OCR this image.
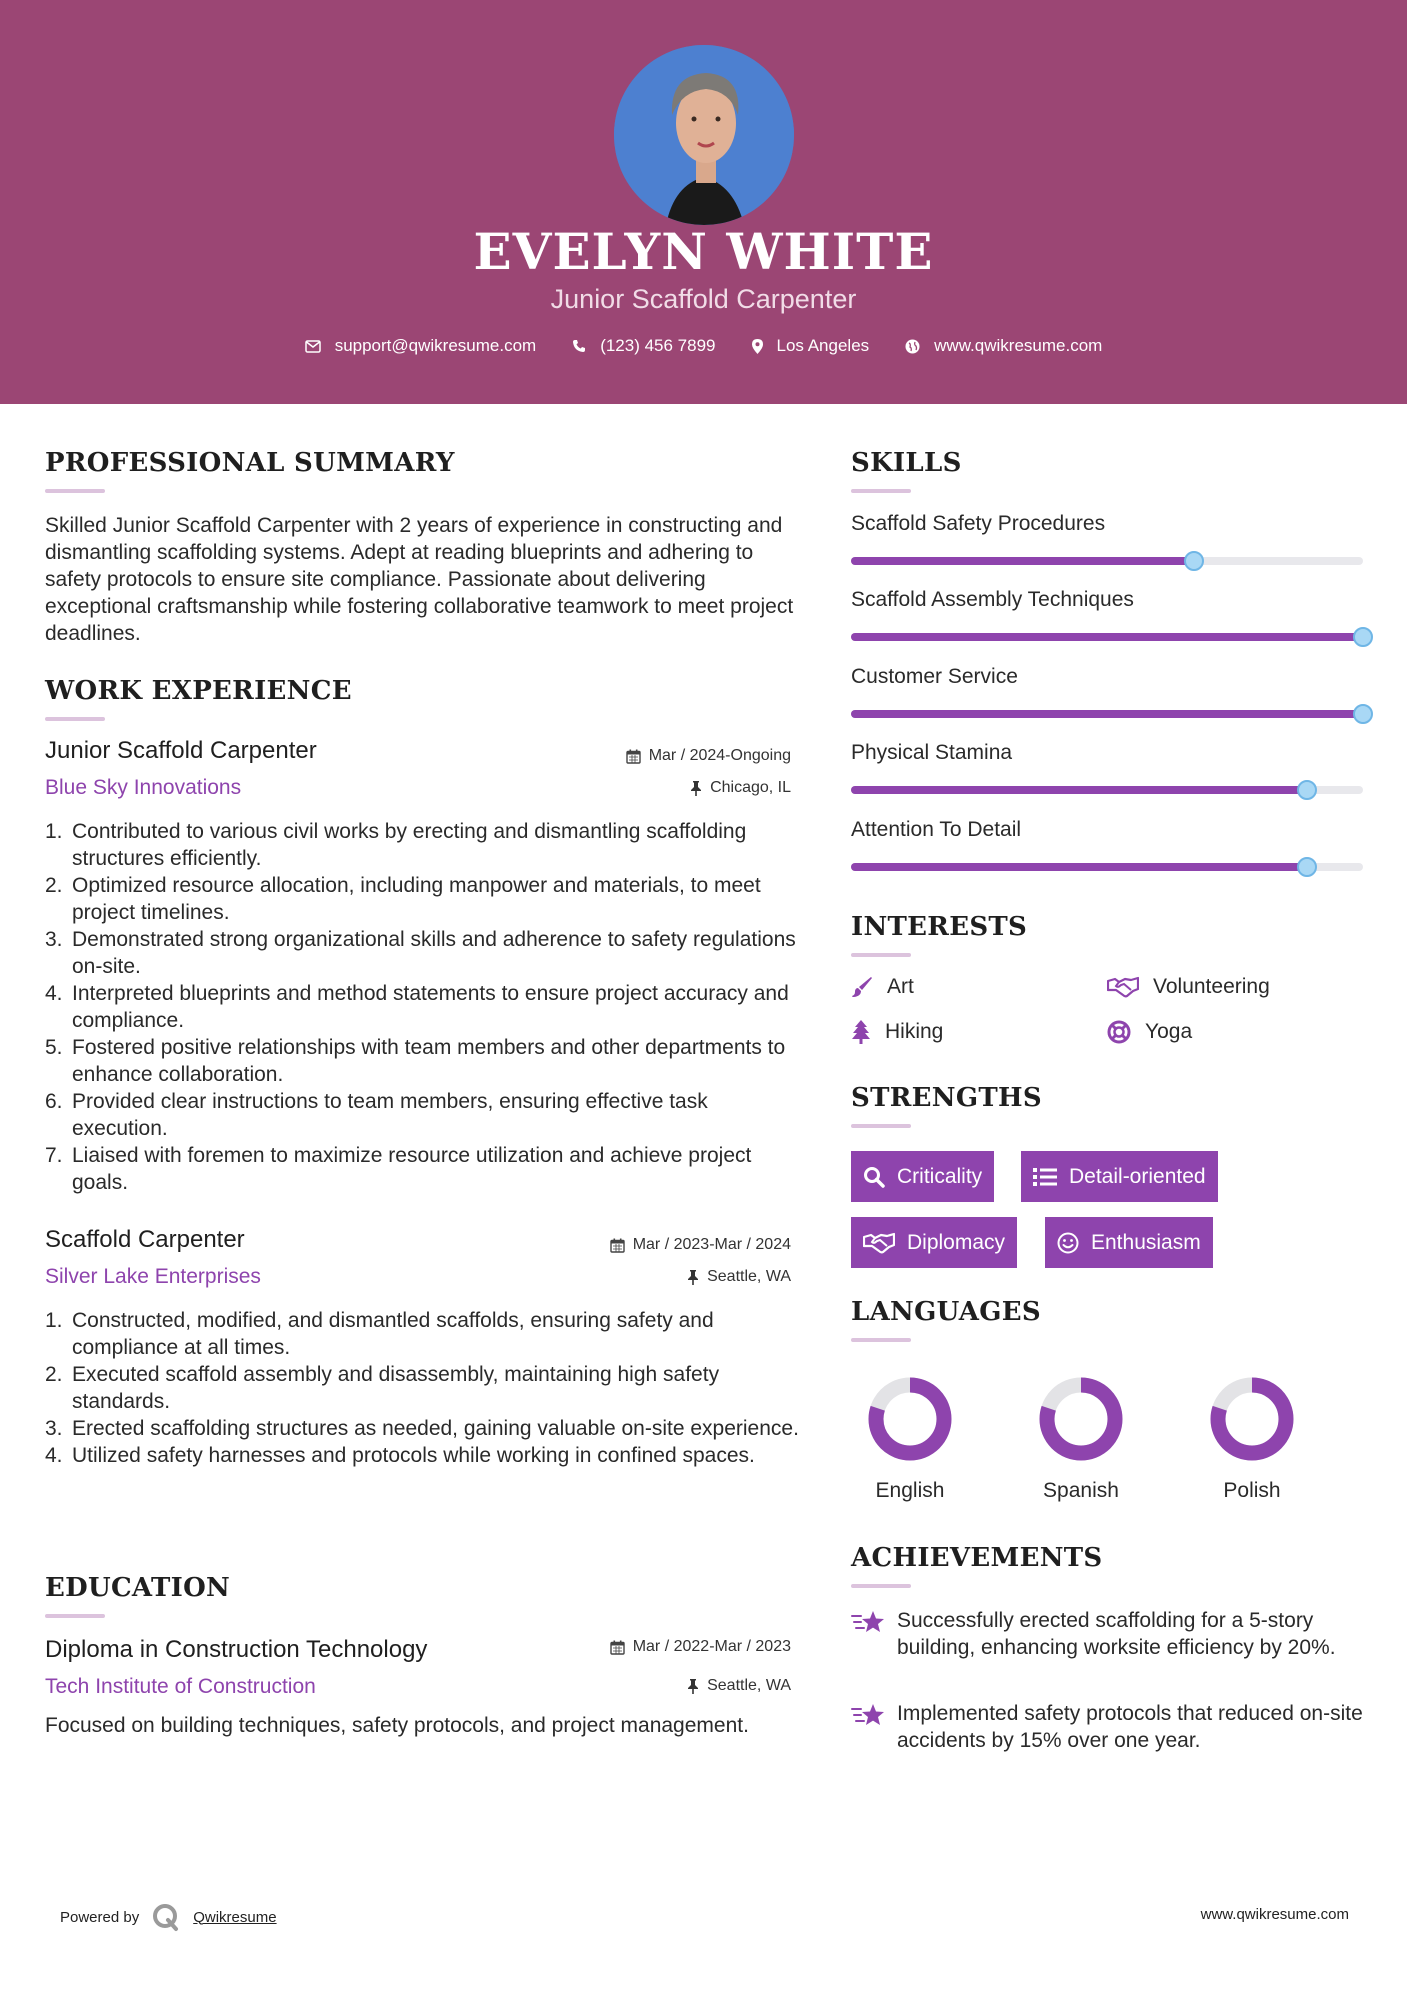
EVELYN WHITE
Junior Scaffold Carpenter
support@qwikresume.com	(123) 456 7899	Los Angeles	www.qwikresume.com
PROFESSIONAL SUMMARY
Skilled Junior Scaffold Carpenter with 2 years of experience in constructing and dismantling scaffolding systems. Adept at reading blueprints and adhering to safety protocols to ensure site compliance. Passionate about delivering exceptional craftsmanship while fostering collaborative teamwork to meet project deadlines.
WORK EXPERIENCE
Junior Scaffold Carpenter	Mar / 2024-Ongoing
Blue Sky Innovations	Chicago, IL
1. Contributed to various civil works by erecting and dismantling scaffolding structures efficiently.
2. Optimized resource allocation, including manpower and materials, to meet project timelines.
3. Demonstrated strong organizational skills and adherence to safety regulations on-site.
4. Interpreted blueprints and method statements to ensure project accuracy and compliance.
5. Fostered positive relationships with team members and other departments to enhance collaboration.
6. Provided clear instructions to team members, ensuring effective task execution.
7. Liaised with foremen to maximize resource utilization and achieve project goals.
Scaffold Carpenter	Mar / 2023-Mar / 2024
Silver Lake Enterprises	Seattle, WA
1. Constructed, modified, and dismantled scaffolds, ensuring safety and compliance at all times.
2. Executed scaffold assembly and disassembly, maintaining high safety standards.
3. Erected scaffolding structures as needed, gaining valuable on-site experience.
4. Utilized safety harnesses and protocols while working in confined spaces.
EDUCATION
Diploma in Construction Technology	Mar / 2022-Mar / 2023
Tech Institute of Construction	Seattle, WA
Focused on building techniques, safety protocols, and project management.
SKILLS
Scaffold Safety Procedures
Scaffold Assembly Techniques
Customer Service
Physical Stamina
Attention To Detail
INTERESTS
Art	Volunteering
Hiking	Yoga
STRENGTHS
Criticality	Detail-oriented
Diplomacy	Enthusiasm
LANGUAGES
English	Spanish	Polish
ACHIEVEMENTS
Successfully erected scaffolding for a 5-story building, enhancing worksite efficiency by 20%.
Implemented safety protocols that reduced on-site accidents by 15% over one year.
Powered by	Qwikresume	www.qwikresume.com
